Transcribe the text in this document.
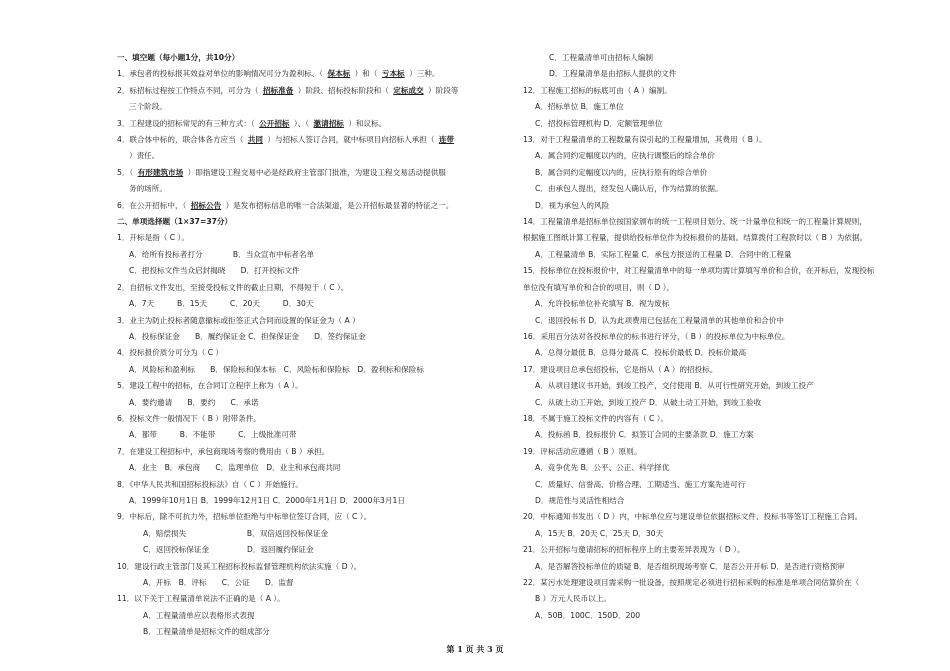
一、填空题（每小题1分，共10分）
1．承包者的投标报其效益对单位的影响情况可分为盈利标、（ 保本标 ）和（ 亏本标 ）三种。
2．标招标过程按工作特点不同，可分为（ 招标准备 ）阶段、招标投标阶段和（ 定标成交 ）阶段等
三个阶段。
3．工程建设的招标常见的有三种方式：（ 公开招标 ）、（ 邀请招标 ）和议标。
4．联合体中标的，联合体各方应当（ 共同 ）与招标人签订合同，就中标项目向招标人承担（ 连带
）责任。
5．（ 有形建筑市场 ）即指建设工程交易中必是经政府主管部门批准，为建设工程交易活动提供服
务的场所。
6．在公开招标中，（ 招标公告 ）是发布招标信息的唯一合法渠道，是公开招标最显著的特征之一。
二、单项选择题（1×37=37分）
1．开标是指（ C ）。
A．给所有投标者打分　　　　B．当众宣布中标者名单
C．把投标文件当众启封揭晓　　D．打开投标文件
2．自招标文件发出，至接受投标文件的截止日期，不得短于（ C ）。
A．7天　　　B．15天　　　C．20天　　　D．30天
3．业主为防止投标者随意撤标或拒签正式合同而设置的保证金为（ A ）
A．投标保证金　　B．履约保证金 C．担保保证金　　D．签约保证金
4．投标报价质分可分为（ C ）
A．风险标和盈利标　　B．保险标和保本标　C．风险标和保险标　D．盈利标和保险标
5．建设工程中的招标，在合同订立程序上称为（ A ）。
A．要约邀请　　B．要约　　C．承诺
6．投标文件一般情况下（ B ）附带条件。
A．都带　　　B．不能带　　　C．上级批准可带
7．在建设工程招标中，承包商现场考察的费用由（ B ）承担。
A．业主　B．承包商　　C．监理单位　D．业主和承包商共同
8．《中华人民共和国招标投标法》自（ C ）开始施行。
A．1999年10月1日 B．1999年12月1日 C．2000年1月1日 D．2000年3月1日
9．中标后，除不可抗力外，招标单位拒绝与中标单位签订合同，应（ C ）。
A．赔偿损失　　　　　　　　B．双倍返回投标保证金
C．返回投标保证金　　　　　D．返回履约保证金
10．建设行政主管部门及其工程招标投标监督管理机构依法实施（ D ）。
A．开标　B．评标　　C．公证　　D．监督
11．以下关于工程量清单说法不正确的是（ A ）。
A．工程量清单应以表格形式表现
B．工程量清单是招标文件的组成部分
C．工程量清单可由招标人编制
D．工程量清单是由招标人提供的文件
12．工程施工招标的标底可由（ A ）编制。
A．招标单位 B．施工单位
C．招投标管理机构 D．定额管理单位
13．对于工程量清单的工程数量有误引起的工程量增加，其费用（ B ）。
A．属合同约定幅度以内的，应执行调整后的综合单价
B．属合同约定幅度以内的，应执行原有的综合单价
C．由承包人提出，经发包人确认后，作为结算的依据。
D．视为承包人的风险
14．工程量清单是招标单位按国家颁布的统一工程项目划分、统一计量单位和统一的工程量计算规则，
根据施工图纸计算工程量，提供给投标单位作为投标报价的基础。结算拨付工程款时以（ B ）为依据。
A．工程量清单 B．实际工程量 C．承包方报送的工程量 D．合同中的工程量
15．投标单位在投标报价中，对工程量清单中的每一单项均需计算填写单价和合价，在开标后，发现投标
单位没有填写单价和合价的项目，则（ D ）。
A．允许投标单位补充填写 B．视为废标
C．退回投标书 D．认为此项费用已包括在工程量清单的其他单价和合价中
16．采用百分法对各投标单位的标书进行评分，（ B ）的投标单位为中标单位。
A．总得分最低 B．总得分最高 C．投标价最低 D．投标价最高
17．建设项目总承包招投标，它是指从（ A ）的招投标。
A．从项目建议书开始，到竣工投产，交付使用 B．从可行性研究开始，到竣工投产
C．从破土动工开始，到竣工投产 D．从破土动工开始，到竣工验收
18．不属于施工投标文件的内容有（ C ）。
A．投标函 B．投标报价 C．拟签订合同的主要条款 D．施工方案
19．评标活动应遵循（ B ）原则。
A．竞争优先 B．公平、公正、科学择优
C．质量好、信誉高、价格合理、工期适当、施工方案先进可行
D．规范性与灵活性相结合
20．中标通知书发出（ D ）内，中标单位应与建设单位依据招标文件、投标书等签订工程施工合同。
A．15天 B．20天 C．25天 D．30天
21．公开招标与邀请招标的招标程序上的主要差异表现为（ D ）。
A．是否解答投标单位的质疑 B．是否组织现场考察 C．是否公开开标 D．是否进行资格预审
22．某污水处理建设项目需采购一批设备，按照规定必须进行招标采购的标准是单项合同估算价在（
B ）万元人民币以上。
A．50B．100C．150D．200
第 1 页 共 3 页
